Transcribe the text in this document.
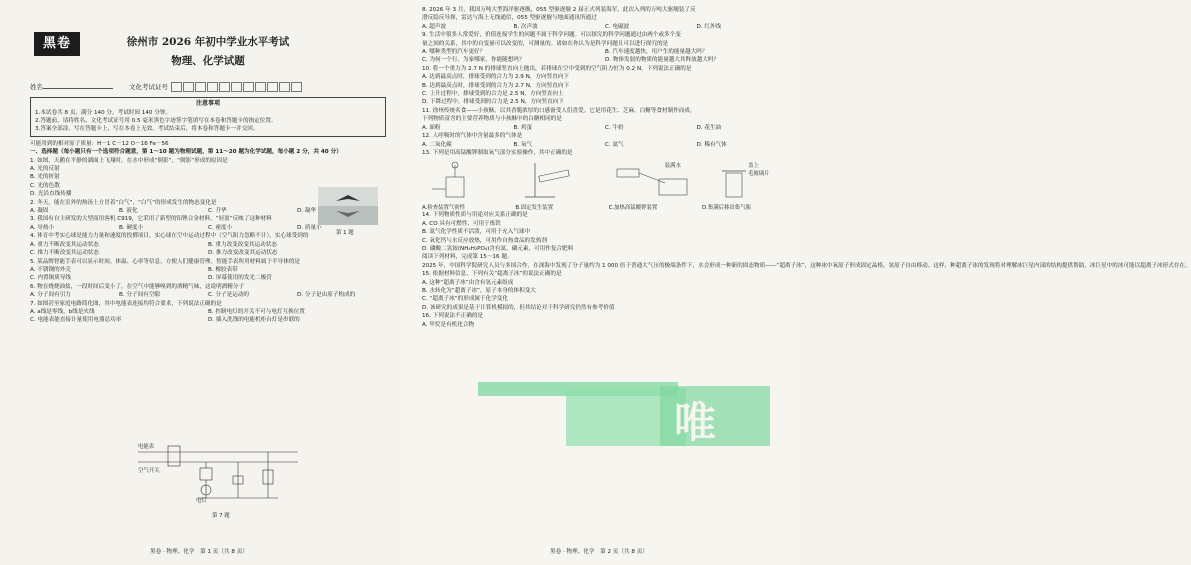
黑卷	徐州市 2026 年初中学业水平考试
物理、化学试题
姓名	文化考试证号
注意事项
1.本试卷共 8 页，满分 140 分，考试时间 140 分钟。
2.答题前，请将姓名、文化考试证号用 0.5 毫米黑色字迹签字笔填写在本卷和答题卡的指定位置。
3.答案全部涂、写在答题卡上，写在本卷上无效。考试结束后，将本卷和答题卡一并交回。
可能用到的相对原子质量：H－1 C－12 O－16 Fe－56
一、选择题（每小题只有一个选项符合题意，第 1～10 题为物理试题，第 11～20 题为化学试题，每小题 2 分，共 40 分）
1. 如图，天鹅在平静的湖面上飞翔时，在水中形成“倒影”，“倒影”形成的原因是
A. 光的反射
B. 光的折射
C. 光的色散
D. 光沿直线传播
2. 冬天，能在室外的热汤上方冒着“白气”，“白气”的形成发生的物态变化是
A. 凝固	B. 液化	C. 升华	D. 凝华
3. 我国有自主研发的大型商用客机 C919，它采用了新型的铝锂合金材料，“轻盈”反映了这种材料
A. 导热小	B. 硬度小	C. 密度小	D. 质量小
4. 体育中考实心球是能力力量和速度的投掷项目，实心球在空中运动过程中（空气阻力忽略不计），实心球受到的
A. 重力不断改变其运动状态	B. 重力改变改变其运动状态
C. 推力不断改变其运动状态	D. 推力改变改变其运动状态
5. 某品牌智能手表可以显示时间、体温、心率等信息，方便人们健康管理。智能手表所用材料属于半导体的是
A. 不锈钢的外壳	B. 橡胶表带
C. 内置铜质导线	D. 屏幕使用的发光二极管
6. 物在烧烧油盐，一段时间后变小了，在空气中能够嗅到的酒精气味，这说明酒精分子
A. 分子间有引力	B. 分子间有空隙	C. 分子是运动的	D. 分子是由原子构成的
7. 如图甚至家庭电路简化图，其中电能表连接均符合要求，下列说法正确的是
A. a线是零线，b线是火线	B. 控制电灯的开关不可与电灯互换位置
C. 电能表能直接计量使用电器总功率	D. 插入洗涤的电能机柜台灯是串联的
第 1 题
电能表
空气开关
电灯
第 7 题
黑卷 · 物理、化学　第 1 页（共 8 页）
8. 2026 年 3 月，我国万吨大型海洋驱逐舰，055 型驱逐舰 2 届正式列装海军，此次入列的万吨大驱舰装了反
潜反隐反导探，雷达与海上无线通信，055 型驱逐舰与地面通讯所通过
A. 超声波	B. 次声波	C. 电磁波	D. 红外线
9. 生活中很多人常爱好，价值连接学生的问题不属于科学问题。可以探究的科学问题通过由两个或多个变
量之间的关系，其中的自变量可以改变的，可测量的。诸如在你认为是科学问题且可以进行探究的是
A. 哪种类型的汽车更好？	B. 汽车速度越快，用户生的能量越大吗？
C. 为何一个行，为家哪家，你能随想吗？	D. 物体发射的物质的能量越大其释放越大吗？
10. 将一个重力为 2.7 N 的排球竖直向上抛出，若排球在空中受到的空气阻力恒为 0.2 N，下列说法正确的是
A. 达到最高点时，排球受到的合力为 2.9 N，方向竖直向下
B. 达到最高点时，排球受到的合力为 2.7 N，方向竖直向下
C. 上升过程中，排球受到的合力是 2.5 N，方向竖直向上
D. 下降过程中，排球受到的合力是 2.5 N，方向竖直向下
11. 徐州传统名食——小孩酥，以其香脆浓厚的口感备受人们喜爱。它是用花生、芝麻，白糖等食材制作而成。
下列物质富含的主要营养物质与小孩酥中的白糖相同的是
A. 面粉	B. 鸡蛋	C. 牛奶	D. 花生油
12. 人呼吸时的气体中含量最多的气体是
A. 二氧化碳	B. 氧气	C. 氮气	D. 稀有气体
13. 下列是用高锰酸钾制取氧气部分实验操作，其中正确的是
A.检查装置气密性	B.固定发生装置	C.加热高锰酸钾装置
装满水
D.集满后移出集气瓶
盖上
毛玻璃片
14. 下列物质性质与用途对应关系正确的是
A. CO 具有可燃性，可用于炼铁
B. 氮气化学性质不活泼，可用于充入气球中
C. 氧化钙与水反应放热，可用作自热食品的发热剂
D. 磷酸二氢铵(NH₄H₂PO₄)含有氮、磷元素，可用作复合肥料
阅读下列材料，完成第 15～16 题。
2025 年，中国科学院研究人员与多国合作，在深海中发现了分子量约为 1 000 倍于普通大气压的极端条件下，水会形成一种新的固态物质——“超离子冰”，这种冰中氧原子形成固定晶格，氢原子自由移动。这样，种超离子冰的发现将对理解冰巨星内部的结构提供帮助，冰巨星中的冰可能以超离子冰形式存在。
15. 依据材料信息，下列有关“超离子冰”的说法正确的是
A. 这种“超离子冰”由含有氢元素组成
B. 水转化为“超离子冰”，原子本身的体积变大
C. “超离子冰”的形成属于化学变化
D. 该研究的成果是基于计算机模拟的，但其结论对于科学研究仍然有参考价值
16. 下列说法不正确的是
A. 甲烷是有机化合物
黑卷 · 物理、化学　第 2 页（共 8 页）
唯
